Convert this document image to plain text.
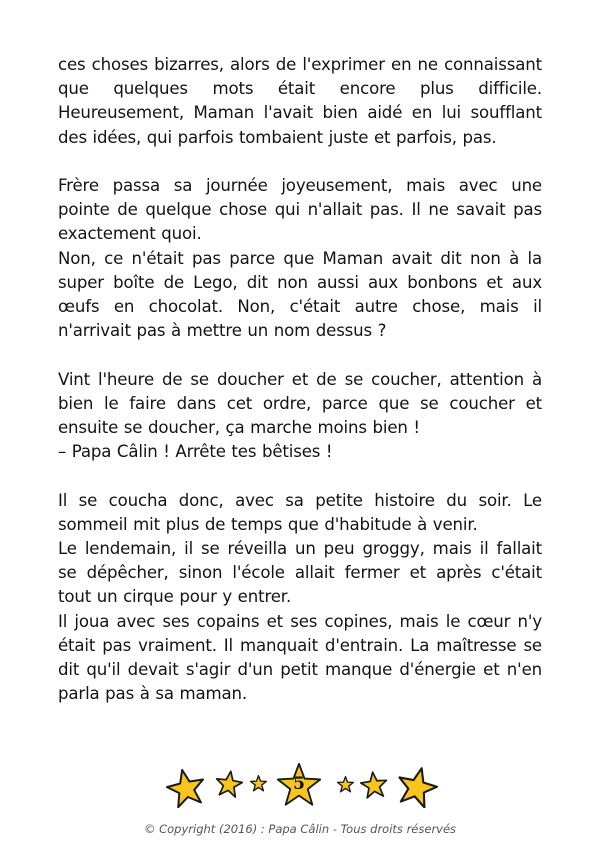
ces choses bizarres, alors de l'exprimer en ne connaissant que quelques mots était encore plus difficile. Heureusement, Maman l'avait bien aidé en lui soufflant des idées, qui parfois tombaient juste et parfois, pas.

Frère passa sa journée joyeusement, mais avec une pointe de quelque chose qui n'allait pas. Il ne savait pas exactement quoi.

Non, ce n'était pas parce que Maman avait dit non à la super boîte de Lego, dit non aussi aux bonbons et aux œufs en chocolat. Non, c'était autre chose, mais il n'arrivait pas à mettre un nom dessus ?

Vint l'heure de se doucher et de se coucher, attention à bien le faire dans cet ordre, parce que se coucher et ensuite se doucher, ça marche moins bien !

– Papa Câlin ! Arrête tes bêtises !

Il se coucha donc, avec sa petite histoire du soir. Le sommeil mit plus de temps que d'habitude à venir.

Le lendemain, il se réveilla un peu groggy, mais il fallait se dépêcher, sinon l'école allait fermer et après c'était tout un cirque pour y entrer.

Il joua avec ses copains et ses copines, mais le cœur n'y était pas vraiment. Il manquait d'entrain. La maîtresse se dit qu'il devait s'agir d'un petit manque d'énergie et n'en parla pas à sa maman.

5
© Copyright (2016) : Papa Câlin - Tous droits réservés
